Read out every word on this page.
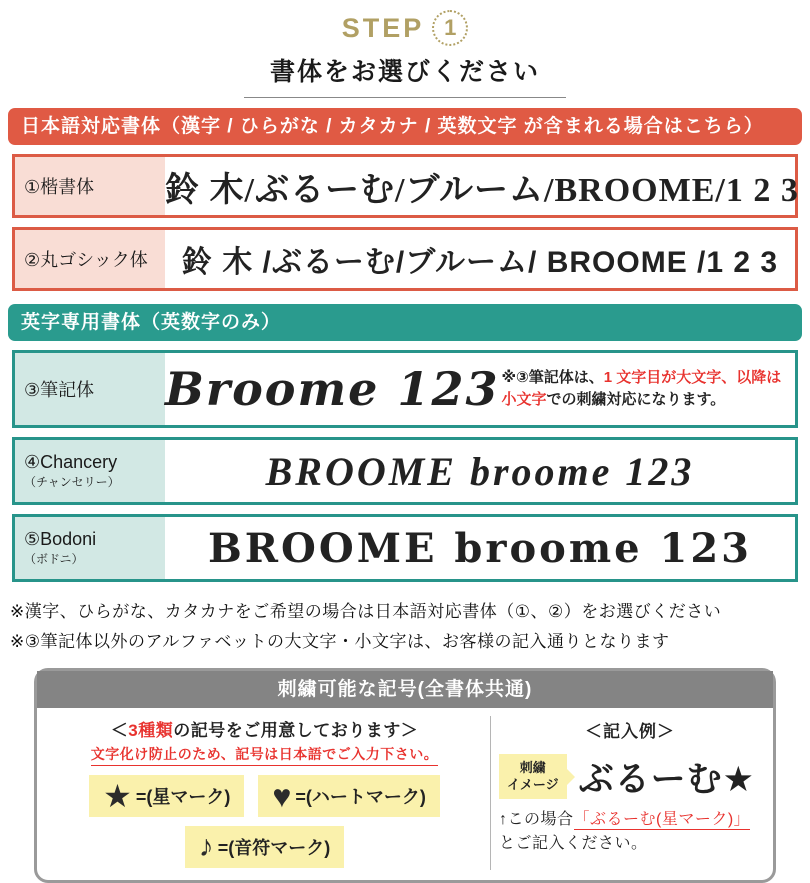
STEP 1
書体をお選びください
日本語対応書体（漢字 / ひらがな / カタカナ / 英数文字 が含まれる場合はこちら）
①楷書体	鈴 木/ぶるーむ/ブルーム/BROOME/1 2 3
②丸ゴシック体	鈴 木 /ぶるーむ/ブルーム/ BROOME /1 2 3
英字専用書体（英数字のみ）
③筆記体	Broome 123 ※③筆記体は、1 文字目が大文字、以降は小文字での刺繍対応になります。
④Chancery
（チャンセリー）	BROOME broome 123
⑤Bodoni
（ボドニ）	BROOME broome 123
※漢字、ひらがな、カタカナをご希望の場合は日本語対応書体（①、②）をお選びください
※③筆記体以外のアルファベットの大文字・小文字は、お客様の記入通りとなります
刺繍可能な記号(全書体共通)
＜3種類の記号をご用意しております＞
文字化け防止のため、記号は日本語でご入力下さい。
★ =(星マーク) ♥ =(ハートマーク)
♪ =(音符マーク)
＜記入例＞
刺繍
イメージ ぶるーむ★
↑この場合「ぶるーむ(星マーク)」
とご記入ください。
